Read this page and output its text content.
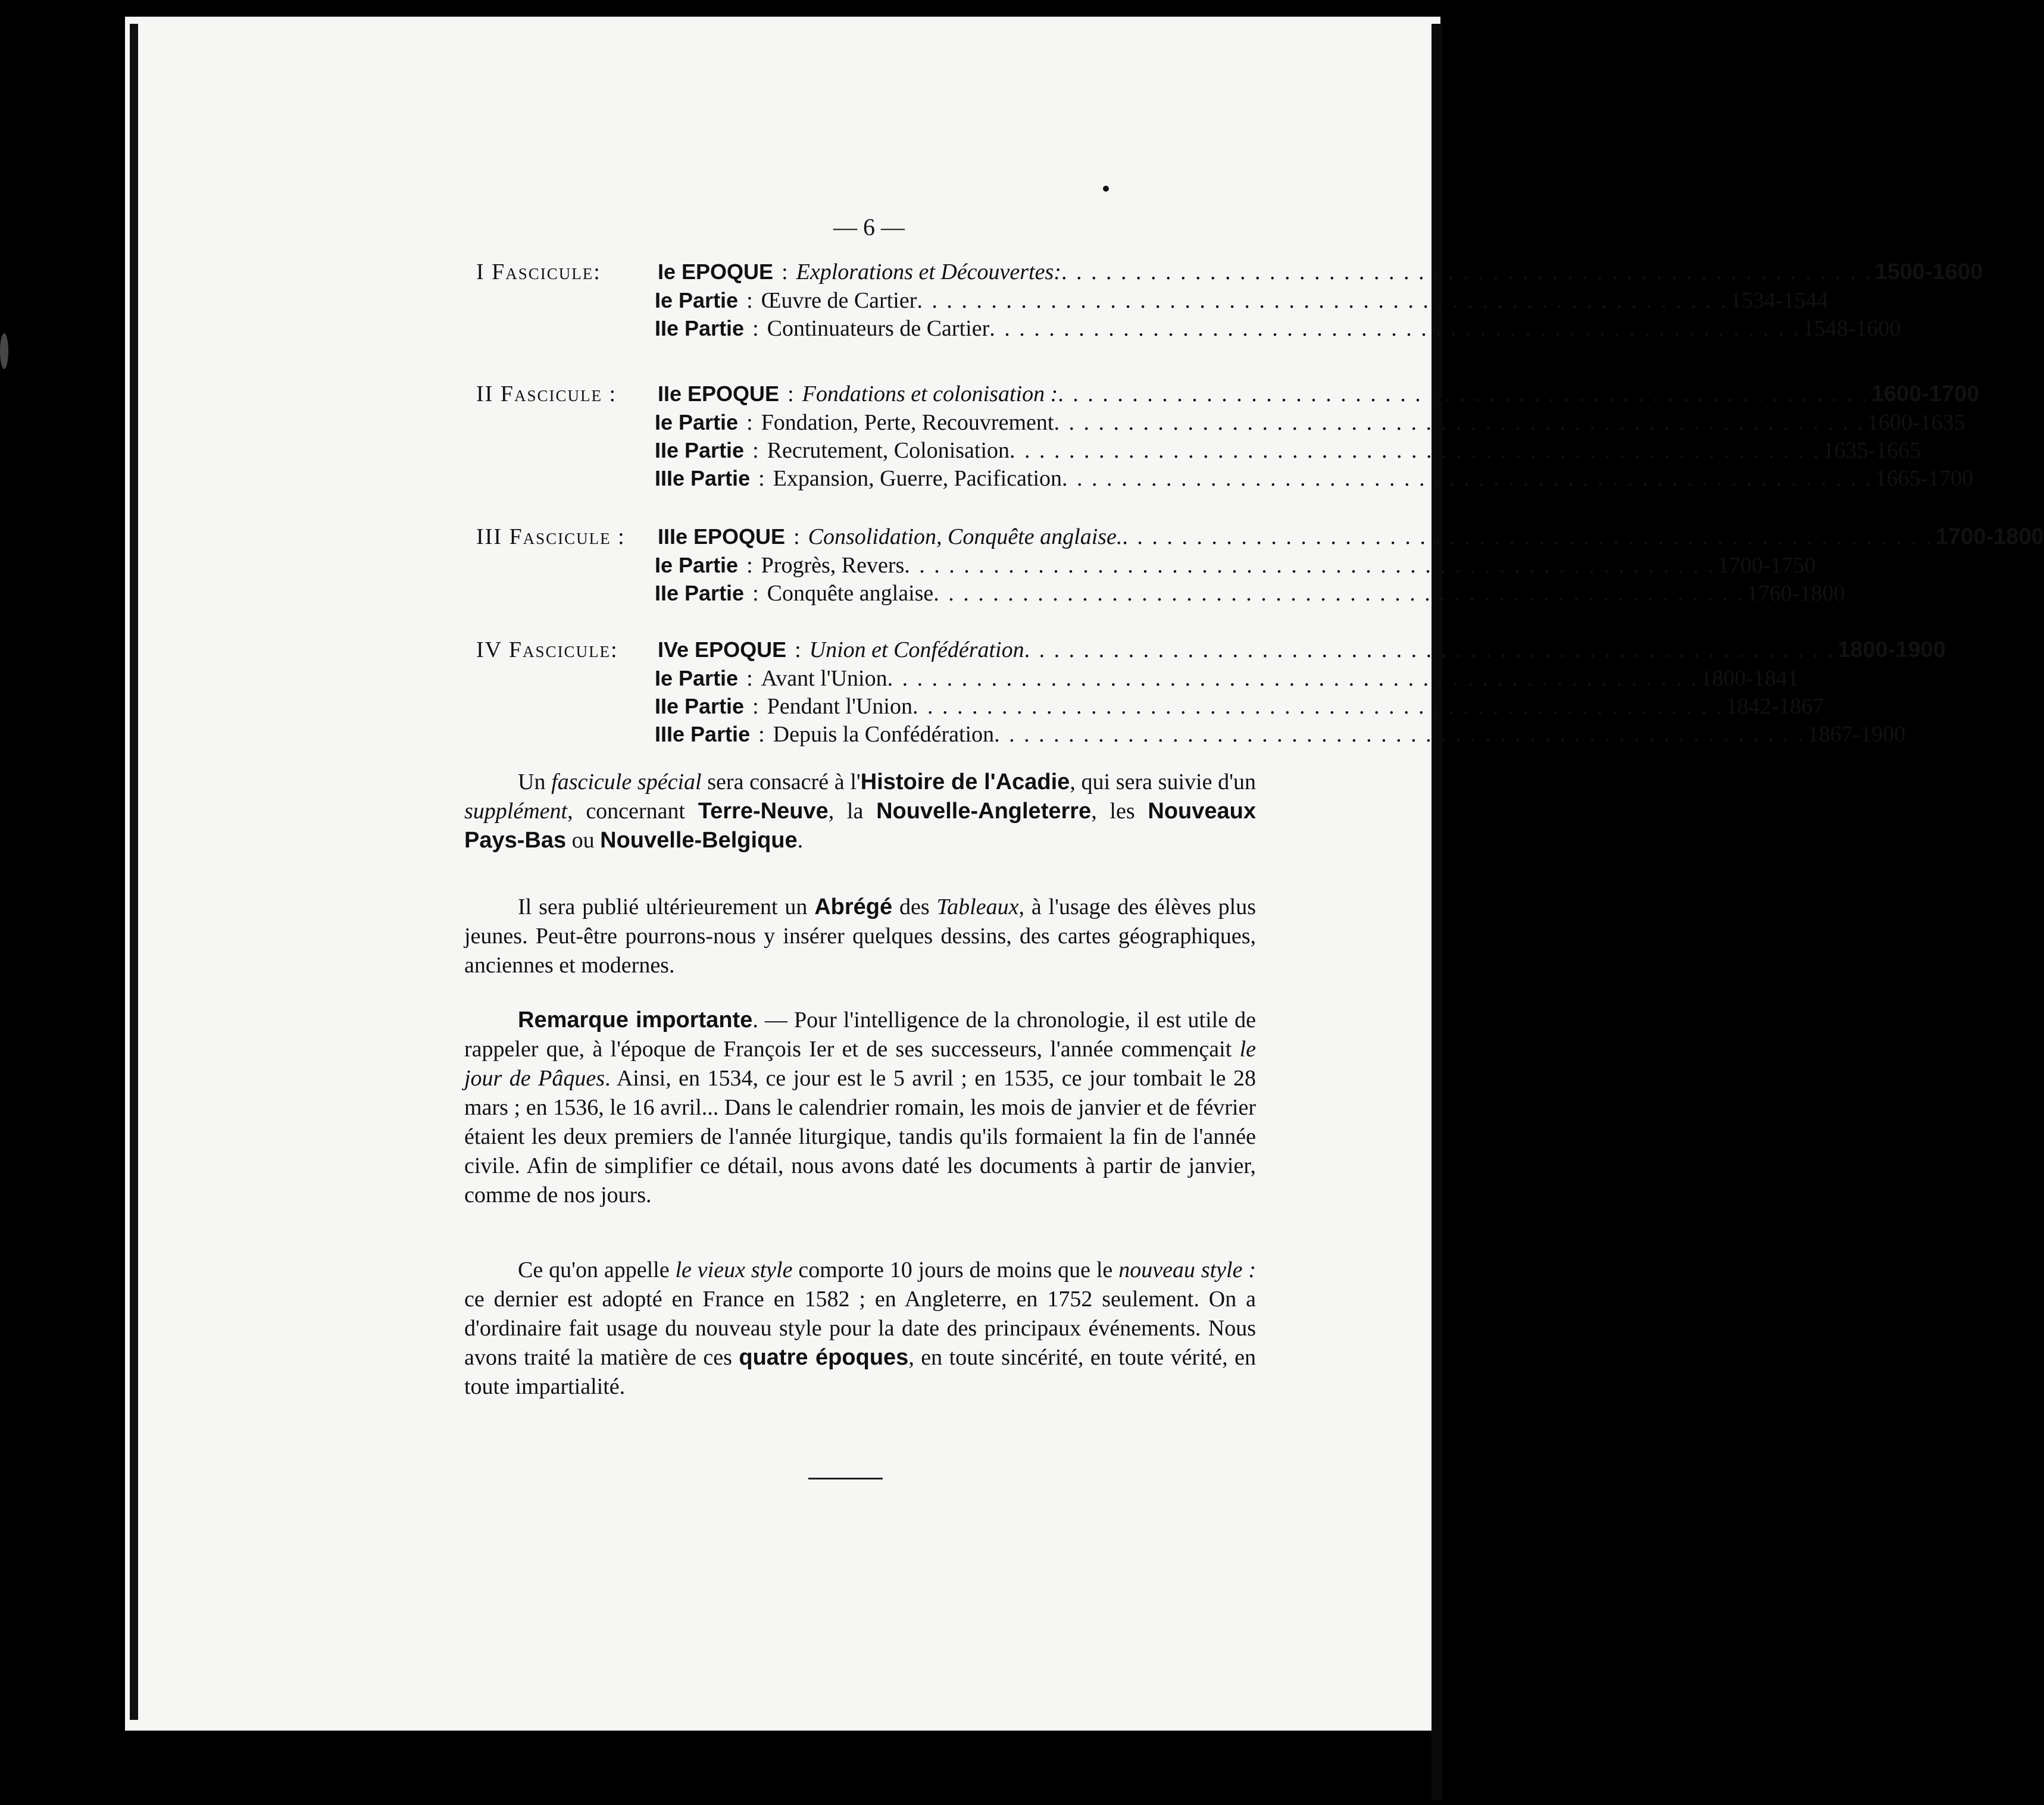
— 6 —
I Fascicule:	Ie EPOQUE : Explorations et Découvertes: . . . . . . . . . . . . . . . . . . . . . . . . . . . . . . . . . . . . . . . . . . . . . . . . . . . . . . . 1500-1600
Ie Partie : Œuvre de Cartier . . . . . . . . . . . . . . . . . . . . . . . . . . . . . . . . . . . . . . . . . . . . . . . . . . . . . . . 1534-1544
IIe Partie : Continuateurs de Cartier . . . . . . . . . . . . . . . . . . . . . . . . . . . . . . . . . . . . . . . . . . . . . . . . . . . . . . . 1548-1600
II Fascicule : IIe EPOQUE : Fondations et colonisation : . . . . . . . . . . . . . . . . . . . . . . . . . . . . . . . . . . . . . . . . . . . . . . . . . . . . . . . 1600-1700
Ie Partie : Fondation, Perte, Recouvrement . . . . . . . . . . . . . . . . . . . . . . . . . . . . . . . . . . . . . . . . . . . . . . . . . . . . . . . 1600-1635
IIe Partie : Recrutement, Colonisation . . . . . . . . . . . . . . . . . . . . . . . . . . . . . . . . . . . . . . . . . . . . . . . . . . . . . . . 1635-1665
IIIe Partie : Expansion, Guerre, Pacification . . . . . . . . . . . . . . . . . . . . . . . . . . . . . . . . . . . . . . . . . . . . . . . . . . . . . . . 1665-1700
III Fascicule : IIIe EPOQUE : Consolidation, Conquête anglaise. . . . . . . . . . . . . . . . . . . . . . . . . . . . . . . . . . . . . . . . . . . . . . . . . . . . . . . . 1700-1800
Ie Partie : Progrès, Revers . . . . . . . . . . . . . . . . . . . . . . . . . . . . . . . . . . . . . . . . . . . . . . . . . . . . . . . 1700-1750
IIe Partie : Conquête anglaise . . . . . . . . . . . . . . . . . . . . . . . . . . . . . . . . . . . . . . . . . . . . . . . . . . . . . . . 1760-1800
IV Fascicule: IVe EPOQUE : Union et Confédération . . . . . . . . . . . . . . . . . . . . . . . . . . . . . . . . . . . . . . . . . . . . . . . . . . . . . . . 1800-1900
Ie Partie : Avant l'Union . . . . . . . . . . . . . . . . . . . . . . . . . . . . . . . . . . . . . . . . . . . . . . . . . . . . . . . 1800-1841
IIe Partie : Pendant l'Union . . . . . . . . . . . . . . . . . . . . . . . . . . . . . . . . . . . . . . . . . . . . . . . . . . . . . . . 1842-1867
IIIe Partie : Depuis la Confédération . . . . . . . . . . . . . . . . . . . . . . . . . . . . . . . . . . . . . . . . . . . . . . . . . . . . . . . 1867-1900

Un fascicule spécial sera consacré à l'Histoire de l'Acadie, qui sera suivie d'un supplément, concernant Terre-Neuve, la Nouvelle-Angleterre, les Nouveaux Pays-Bas ou Nouvelle-Belgique.

Il sera publié ultérieurement un Abrégé des Tableaux, à l'usage des élèves plus jeunes. Peut-être pourrons-nous y insérer quelques dessins, des cartes géographiques, anciennes et modernes.

Remarque importante. — Pour l'intelligence de la chronologie, il est utile de rappeler que, à l'époque de François Ier et de ses successeurs, l'année commençait le jour de Pâques. Ainsi, en 1534, ce jour est le 5 avril ; en 1535, ce jour tombait le 28 mars ; en 1536, le 16 avril... Dans le calendrier romain, les mois de janvier et de février étaient les deux premiers de l'année liturgique, tandis qu'ils formaient la fin de l'année civile. Afin de simplifier ce détail, nous avons daté les documents à partir de janvier, comme de nos jours.

Ce qu'on appelle le vieux style comporte 10 jours de moins que le nouveau style : ce dernier est adopté en France en 1582 ; en Angleterre, en 1752 seulement. On a d'ordinaire fait usage du nouveau style pour la date des principaux événements. Nous avons traité la matière de ces quatre époques, en toute sincérité, en toute vérité, en toute impartialité.
